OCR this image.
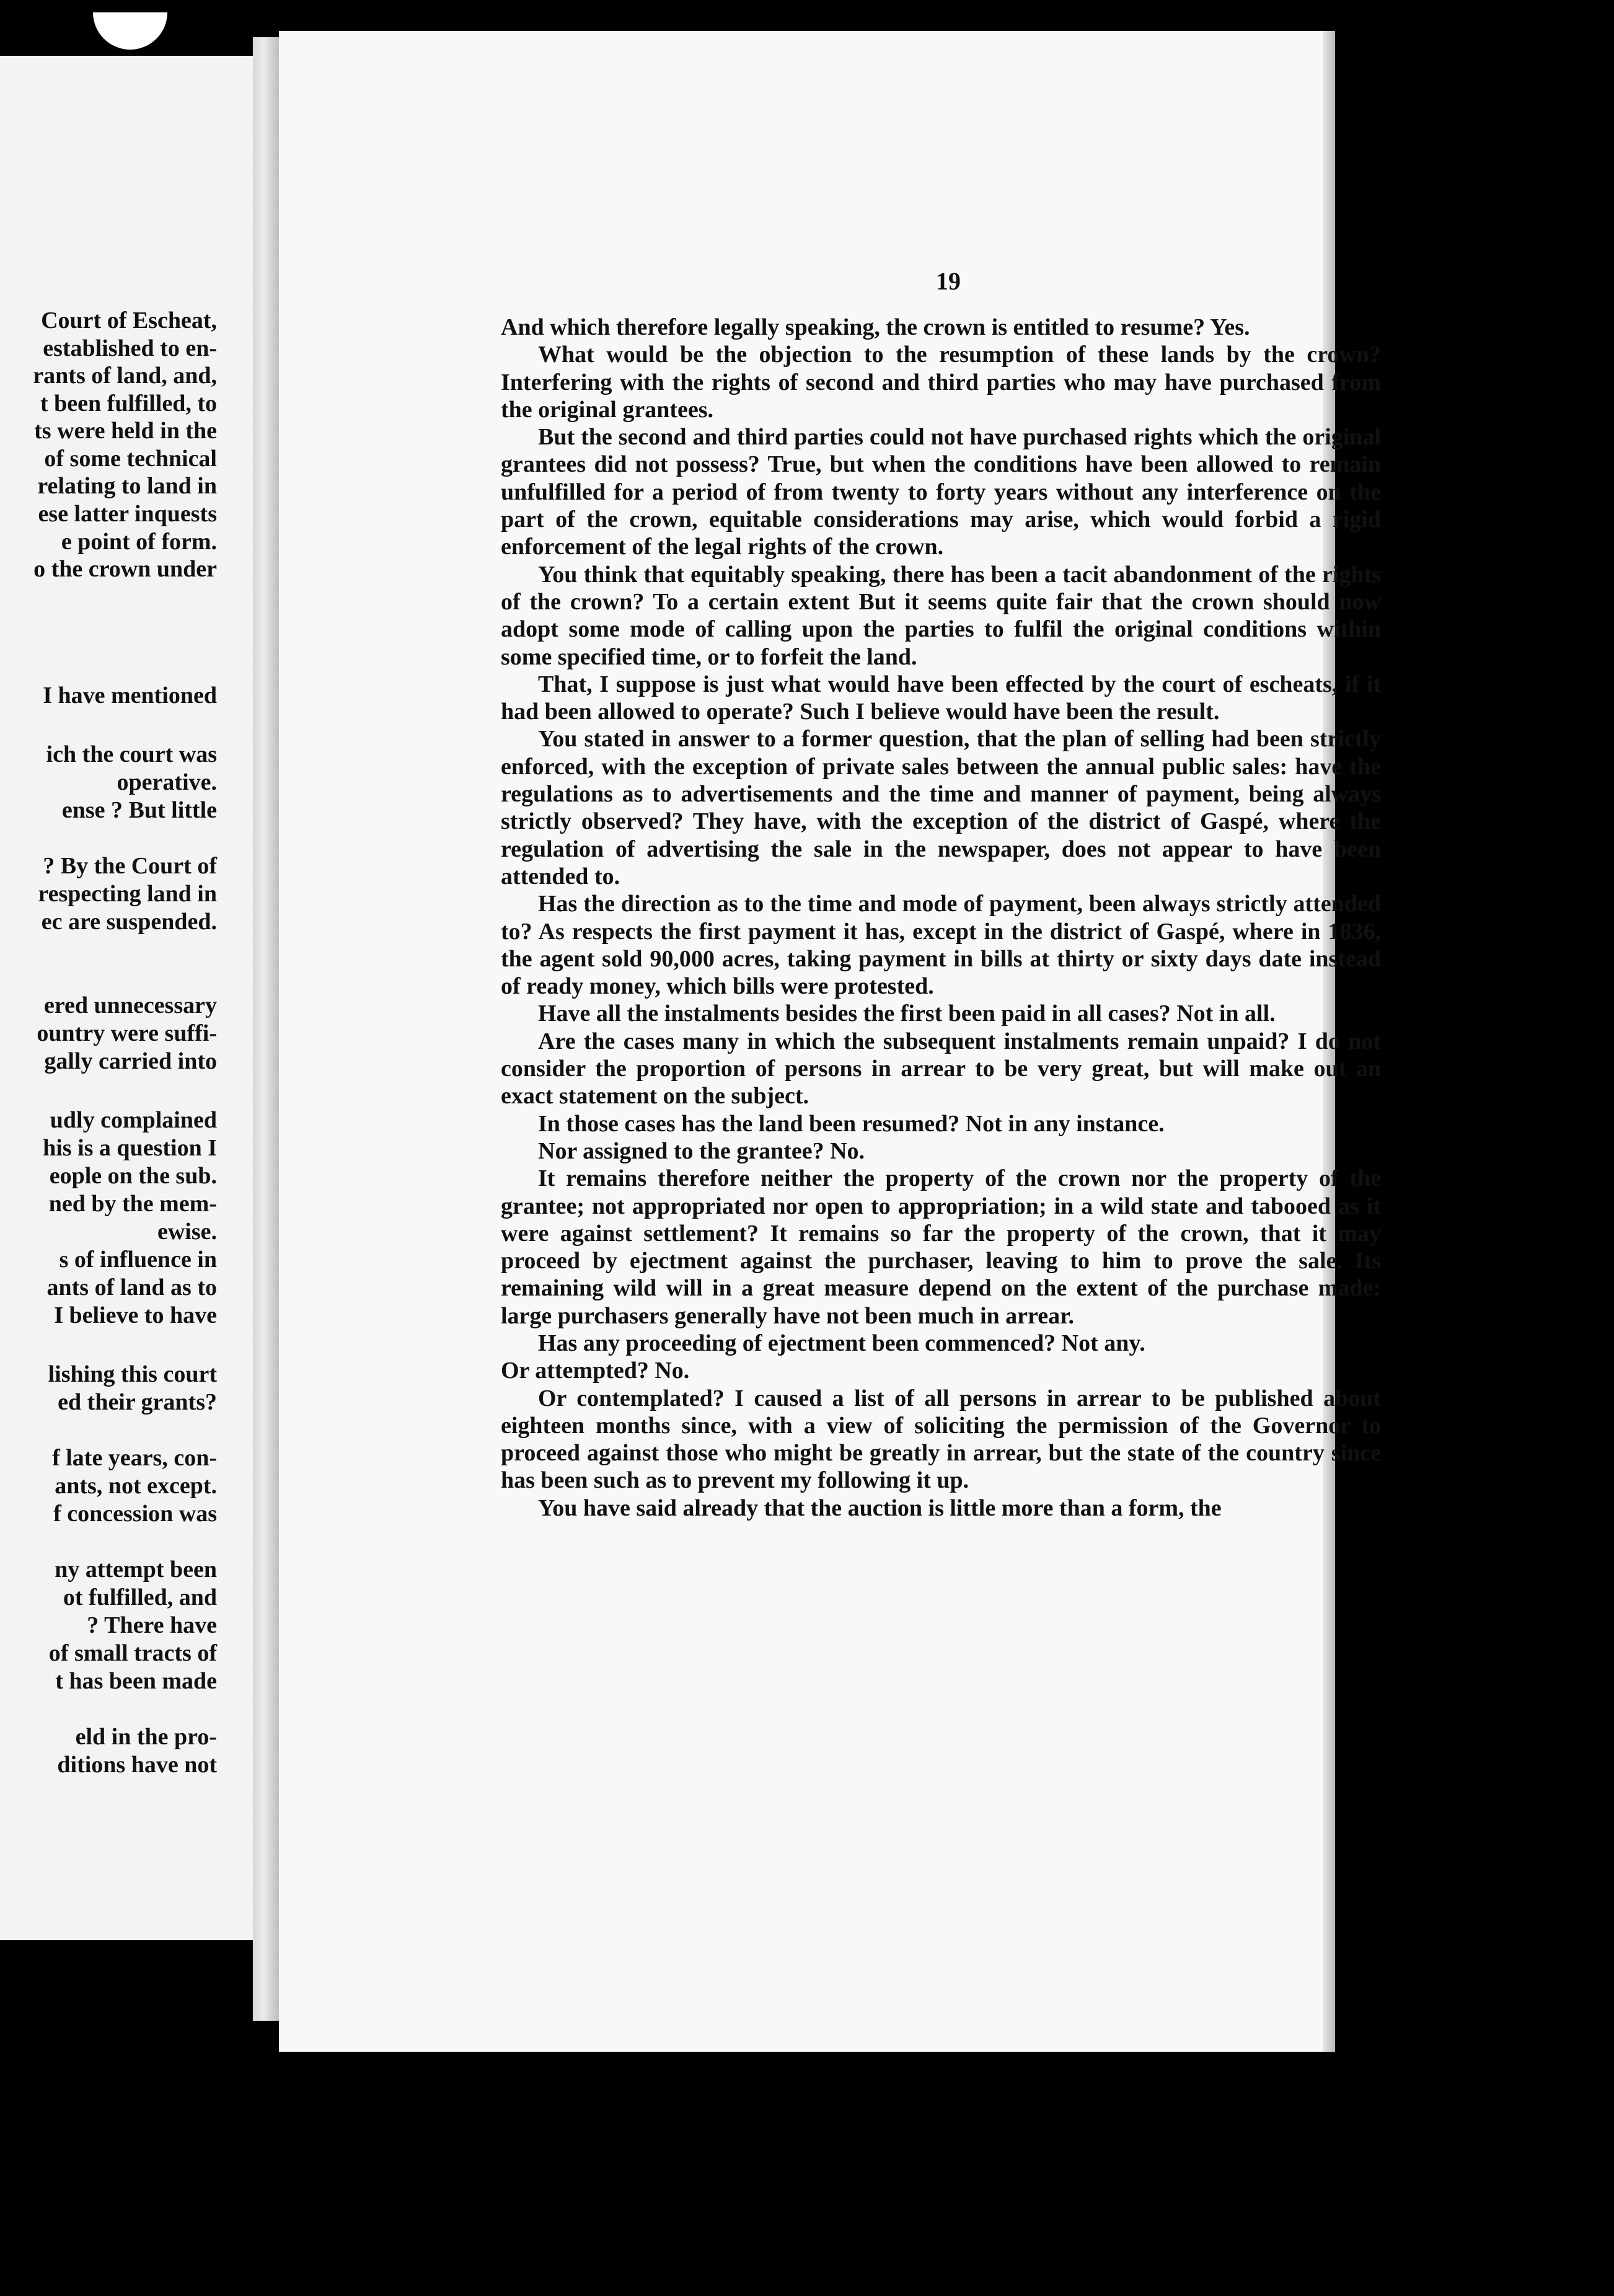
Court of Escheat,
established to en-
rants of land, and,
t been fulfilled, to
ts were held in the
of some technical
relating to land in
ese latter inquests
e point of form.
o the crown under
I have mentioned
ich the court was
operative.
ense ? But little
? By the Court of
respecting land in
ec are suspended.
ered unnecessary
ountry were suffi-
gally carried into
udly complained
his is a question I
eople on the sub.
ned by the mem-
ewise.
s of influence in
ants of land as to
I believe to have
lishing this court
ed their grants?
f late years, con-
ants, not except.
f concession was
ny attempt been
ot fulfilled, and
? There have
of small tracts of
t has been made
eld in the pro-
ditions have not
19

And which therefore legally speaking, the crown is entitled to resume? Yes.

What would be the objection to the resumption of these lands by the crown? Interfering with the rights of second and third parties who may have purchased from the original grantees.

But the second and third parties could not have purchased rights which the original grantees did not possess? True, but when the conditions have been allowed to remain unfulfilled for a period of from twenty to forty years without any interference on the part of the crown, equitable considerations may arise, which would forbid a rigid enforcement of the legal rights of the crown.

You think that equitably speaking, there has been a tacit abandonment of the rights of the crown? To a certain extent But it seems quite fair that the crown should now adopt some mode of calling upon the parties to fulfil the original conditions within some specified time, or to forfeit the land.

That, I suppose is just what would have been effected by the court of escheats, if it had been allowed to operate? Such I believe would have been the result.

You stated in answer to a former question, that the plan of selling had been strictly enforced, with the exception of private sales between the annual public sales: have the regulations as to advertisements and the time and manner of payment, being always strictly observed? They have, with the exception of the district of Gaspé, where the regulation of advertising the sale in the newspaper, does not appear to have been attended to.

Has the direction as to the time and mode of payment, been always strictly attended to? As respects the first payment it has, except in the district of Gaspé, where in 1836, the agent sold 90,000 acres, taking payment in bills at thirty or sixty days date instead of ready money, which bills were protested.

Have all the instalments besides the first been paid in all cases? Not in all.

Are the cases many in which the subsequent instalments remain unpaid? I do not consider the proportion of persons in arrear to be very great, but will make out an exact statement on the subject.

In those cases has the land been resumed? Not in any instance.

Nor assigned to the grantee? No.

It remains therefore neither the property of the crown nor the property of the grantee; not appropriated nor open to appropriation; in a wild state and tabooed as it were against settlement? It remains so far the property of the crown, that it may proceed by ejectment against the purchaser, leaving to him to prove the sale. Its remaining wild will in a great measure depend on the extent of the purchase made: large purchasers generally have not been much in arrear.

Has any proceeding of ejectment been commenced? Not any.

Or attempted? No.

Or contemplated? I caused a list of all persons in arrear to be published about eighteen months since, with a view of soliciting the permission of the Governor to proceed against those who might be greatly in arrear, but the state of the country since has been such as to prevent my following it up.

You have said already that the auction is little more than a form, the
